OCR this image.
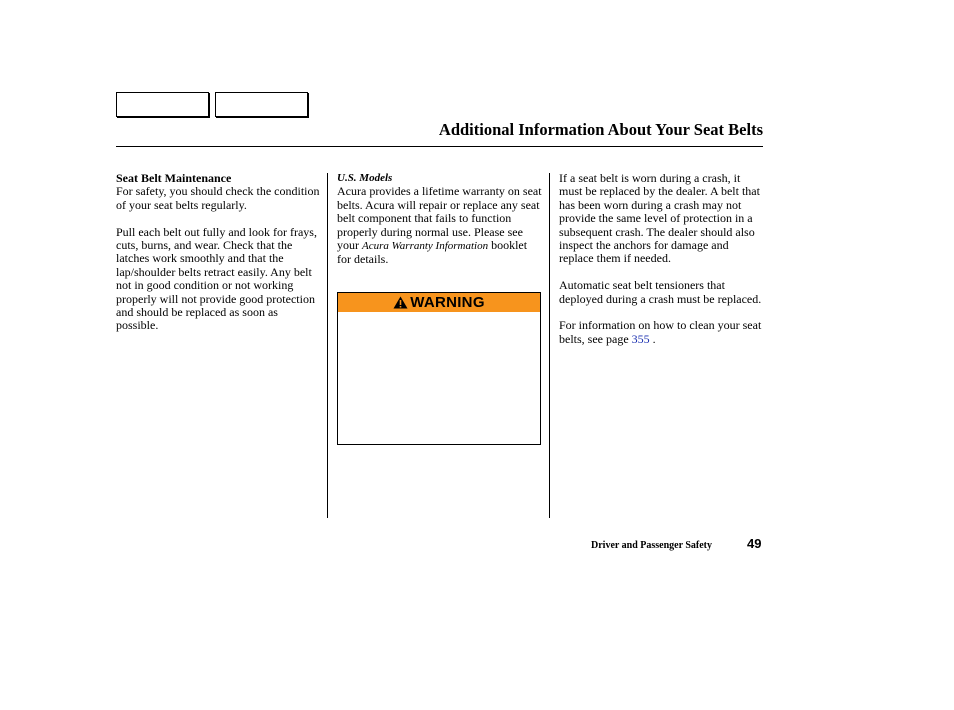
Additional Information About Your Seat Belts

Seat Belt Maintenance
For safety, you should check the condition of your seat belts regularly.

Pull each belt out fully and look for frays, cuts, burns, and wear. Check that the latches work smoothly and that the lap/shoulder belts retract easily. Any belt not in good condition or not working properly will not provide good protection and should be replaced as soon as possible.

U.S. Models
Acura provides a lifetime warranty on seat belts. Acura will repair or replace any seat belt component that fails to function properly during normal use. Please see your Acura Warranty Information booklet for details.

WARNING

If a seat belt is worn during a crash, it must be replaced by the dealer. A belt that has been worn during a crash may not provide the same level of protection in a subsequent crash. The dealer should also inspect the anchors for damage and replace them if needed.

Automatic seat belt tensioners that deployed during a crash must be replaced.

For information on how to clean your seat belts, see page 355 .

Driver and Passenger Safety	49
